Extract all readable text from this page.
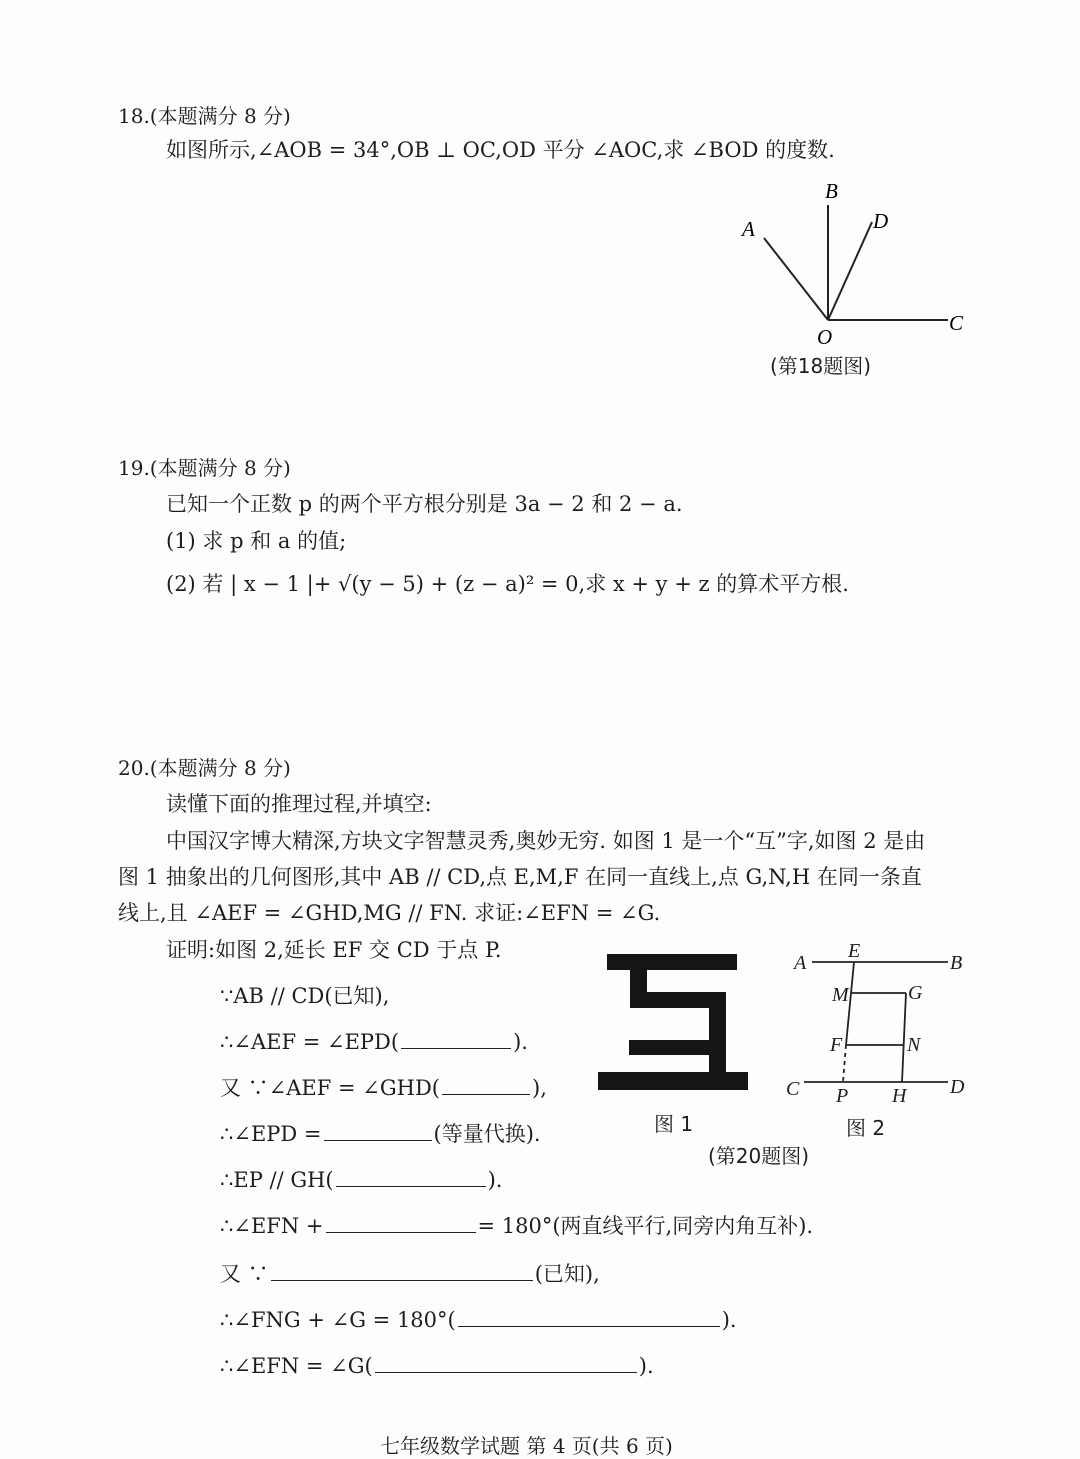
18.(本题满分 8 分)
如图所示,∠AOB = 34°,OB ⊥ OC,OD 平分 ∠AOC,求 ∠BOD 的度数.
B
A	D
C
O
(第18题图)
19.(本题满分 8 分)
已知一个正数 p 的两个平方根分别是 3a − 2 和 2 − a.
(1) 求 p 和 a 的值;
(2) 若 | x − 1 |+ √(y − 5) + (z − a)² = 0,求 x + y + z 的算术平方根.
20.(本题满分 8 分)
读懂下面的推理过程,并填空:
中国汉字博大精深,方块文字智慧灵秀,奥妙无穷. 如图 1 是一个“互”字,如图 2 是由
图 1 抽象出的几何图形,其中 AB // CD,点 E,M,F 在同一直线上,点 G,N,H 在同一条直
线上,且 ∠AEF = ∠GHD,MG // FN. 求证:∠EFN = ∠G.
证明:如图 2,延长 EF 交 CD 于点 P.
∵AB // CD(已知),
∴∠AEF = ∠EPD(	).
又 ∵∠AEF = ∠GHD(	),
∴∠EPD =	(等量代换).
∴EP // GH(	).
∴∠EFN +	= 180°(两直线平行,同旁内角互补).
又 ∵	(已知),
∴∠FNG + ∠G = 180°(	).
∴∠EFN = ∠G(	).
图 1
A	B
E
M	G
F	N
C	D
P H
图 2
(第20题图)
七年级数学试题 第 4 页(共 6 页)
